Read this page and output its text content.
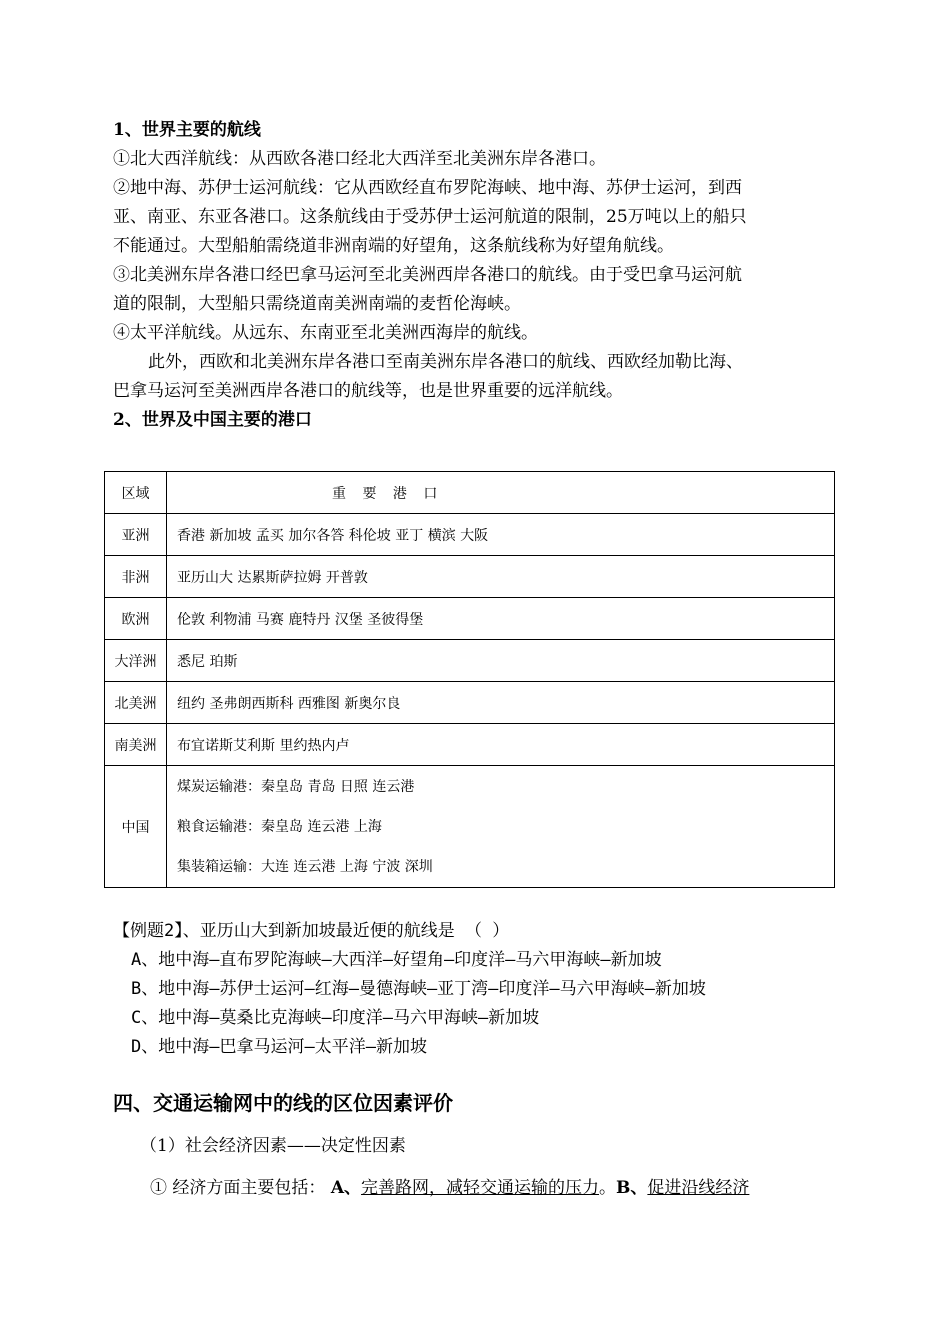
1、世界主要的航线
①北大西洋航线：从西欧各港口经北大西洋至北美洲东岸各港口。
②地中海、苏伊士运河航线：它从西欧经直布罗陀海峡、地中海、苏伊士运河，到西
亚、南亚、东亚各港口。这条航线由于受苏伊士运河航道的限制，25万吨以上的船只
不能通过。大型船舶需绕道非洲南端的好望角，这条航线称为好望角航线。
③北美洲东岸各港口经巴拿马运河至北美洲西岸各港口的航线。由于受巴拿马运河航
道的限制，大型船只需绕道南美洲南端的麦哲伦海峡。
④太平洋航线。从远东、东南亚至北美洲西海岸的航线。
此外，西欧和北美洲东岸各港口至南美洲东岸各港口的航线、西欧经加勒比海、
巴拿马运河至美洲西岸各港口的航线等，也是世界重要的远洋航线。
2、世界及中国主要的港口
区域	重 要 港 口
亚洲	香港 新加坡 孟买 加尔各答 科伦坡 亚丁 横滨 大阪
非洲	亚历山大 达累斯萨拉姆 开普敦
欧洲	伦敦 利物浦 马赛 鹿特丹 汉堡 圣彼得堡
大洋洲	悉尼 珀斯
北美洲	纽约 圣弗朗西斯科 西雅图 新奥尔良
南美洲	布宜诺斯艾利斯 里约热内卢
中国	煤炭运输港：秦皇岛 青岛 日照 连云港
粮食运输港：秦皇岛 连云港 上海
集装箱运输：大连 连云港 上海 宁波 深圳
【例题2】、亚历山大到新加坡最近便的航线是 （ ）
A、地中海—直布罗陀海峡—大西洋—好望角—印度洋—马六甲海峡—新加坡
B、地中海—苏伊士运河—红海—曼德海峡—亚丁湾—印度洋—马六甲海峡—新加坡
C、地中海—莫桑比克海峡—印度洋—马六甲海峡—新加坡
D、地中海—巴拿马运河—太平洋—新加坡
四、交通运输网中的线的区位因素评价
（1）社会经济因素——决定性因素
① 经济方面主要包括： A、完善路网，减轻交通运输的压力。B、促进沿线经济
